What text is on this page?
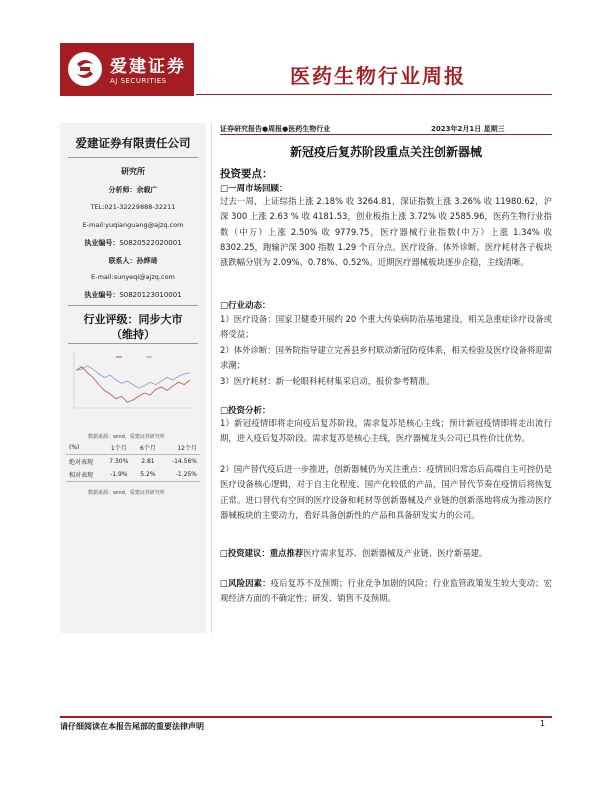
爱建证券
AJ SECURITIES	医药生物行业周报
爱建证券有限责任公司
研究所
分析师：余载广
TEL:021-32229888-32211
E-mail:yuqianguang@ajzq.com
执业编号：S0820522020001
联系人：孙烨琦
E-mail:sunyeqi@ajzq.com
执业编号：S0820123010001
行业评级：同步大市
（维持）
数据来源：wind，爱建证券研究所
(%)	1个月	6个月	12个月
绝对表现	7.30%	2.81	-14.56%
相对表现	-1.9%	5.2%	-1.25%
数据来源：wind，爱建证券研究所
证券研究报告●周报●医药生物行业	2023年2月1日 星期三
新冠疫后复苏阶段重点关注创新器械
投资要点：
□一周市场回顾：
过去一周，上证综指上涨 2.18% 收 3264.81，深证指数上涨 3.26% 收 11980.62，沪深 300 上涨 2.63 % 收 4181.53，创业板指上涨 3.72% 收 2585.96，医药生物行业指数（中万）上涨 2.50% 收 9779.75，医疗器械行业指数(中万）上涨 1.34% 收 8302.25，跑输沪深 300 指数 1.29 个百分点。医疗设备、体外诊断、医疗耗材各子板块涨跌幅分别为 2.09%、0.78%、0.52%。近期医疗器械板块逐步企稳，主线清晰。
□行业动态：
1）医疗设备：国家卫健委开展约 20 个重大传染病防治基地建设，相关急重症诊疗设备或将受益；
2）体外诊断：国务院指导建立完善县乡村联动新冠防疫体系，相关检验及医疗设备将迎需求潮；
3）医疗耗材：新一轮眼科耗材集采启动，报价参考精准。
□投资分析：
1）新冠疫情即将走向疫后复苏阶段，需求复苏是核心主线；预计新冠疫情即将走出流行期，进入疫后复苏阶段。需求复苏是核心主线，医疗器械龙头公司已具性价比优势。
2）国产替代疫后进一步推进，创新器械仍为关注重点：疫情回归常态后高端自主可控仍是医疗设备核心逻辑，对于自主化程度、国产化较低的产品，国产替代节奏在疫情后将恢复正常。进口替代有空间的医疗设备和耗材等创新器械及产业链的创新落地将成为推动医疗器械板块的主要动力，看好具备创新性的产品和具备研发实力的公司。
□投资建议：重点推荐医疗需求复苏、创新器械及产业链、医疗新基建。
□风险因素：疫后复苏不及预期；行业竞争加剧的风险；行业监管政策发生较大变动；宏观经济方面的不确定性；研发、销售不及预期。
请仔细阅读在本报告尾部的重要法律声明	1
